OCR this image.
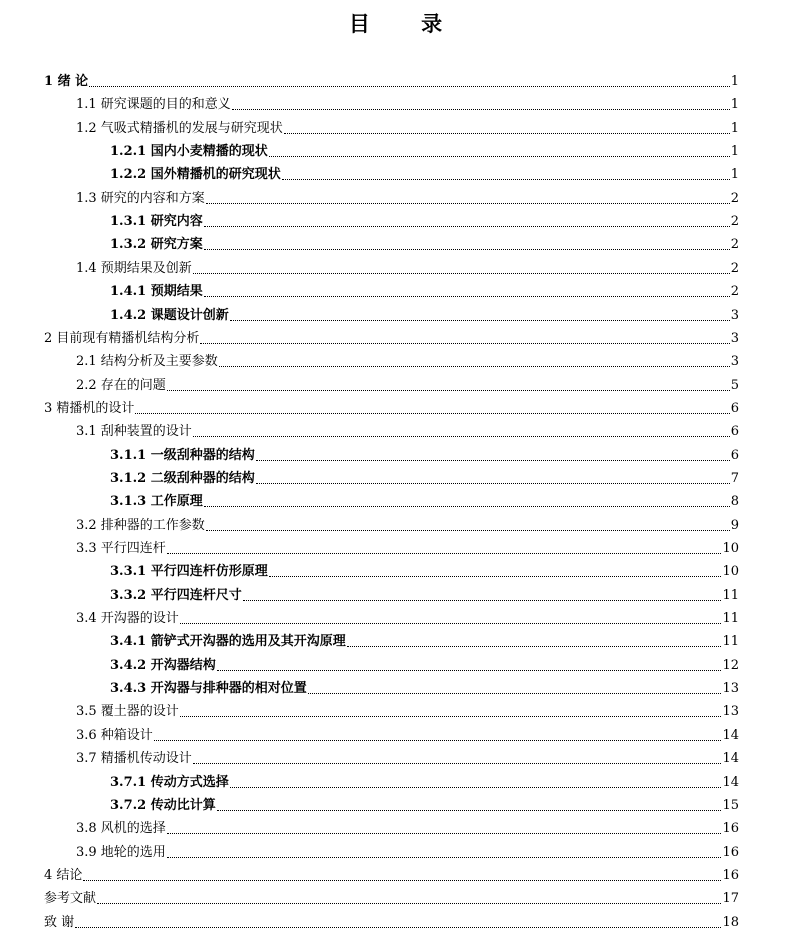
目 录
1 绪 论	1
1.1 研究课题的目的和意义	1
1.2 气吸式精播机的发展与研究现状	1
1.2.1 国内小麦精播的现状	1
1.2.2 国外精播机的研究现状	1
1.3 研究的内容和方案	2
1.3.1 研究内容	2
1.3.2 研究方案	2
1.4 预期结果及创新	2
1.4.1 预期结果	2
1.4.2 课题设计创新	3
2 目前现有精播机结构分析	3
2.1 结构分析及主要参数	3
2.2 存在的问题	5
3 精播机的设计	6
3.1 刮种装置的设计	6
3.1.1 一级刮种器的结构	6
3.1.2 二级刮种器的结构	7
3.1.3 工作原理	8
3.2 排种器的工作参数	9
3.3 平行四连杆	10
3.3.1 平行四连杆仿形原理	10
3.3.2 平行四连杆尺寸	11
3.4 开沟器的设计	11
3.4.1 箭铲式开沟器的选用及其开沟原理	11
3.4.2 开沟器结构	12
3.4.3 开沟器与排种器的相对位置	13
3.5 覆土器的设计	13
3.6 种箱设计	14
3.7 精播机传动设计	14
3.7.1 传动方式选择	14
3.7.2 传动比计算	15
3.8 风机的选择	16
3.9 地轮的选用	16
4 结论	16
参考文献	17
致 谢	18
